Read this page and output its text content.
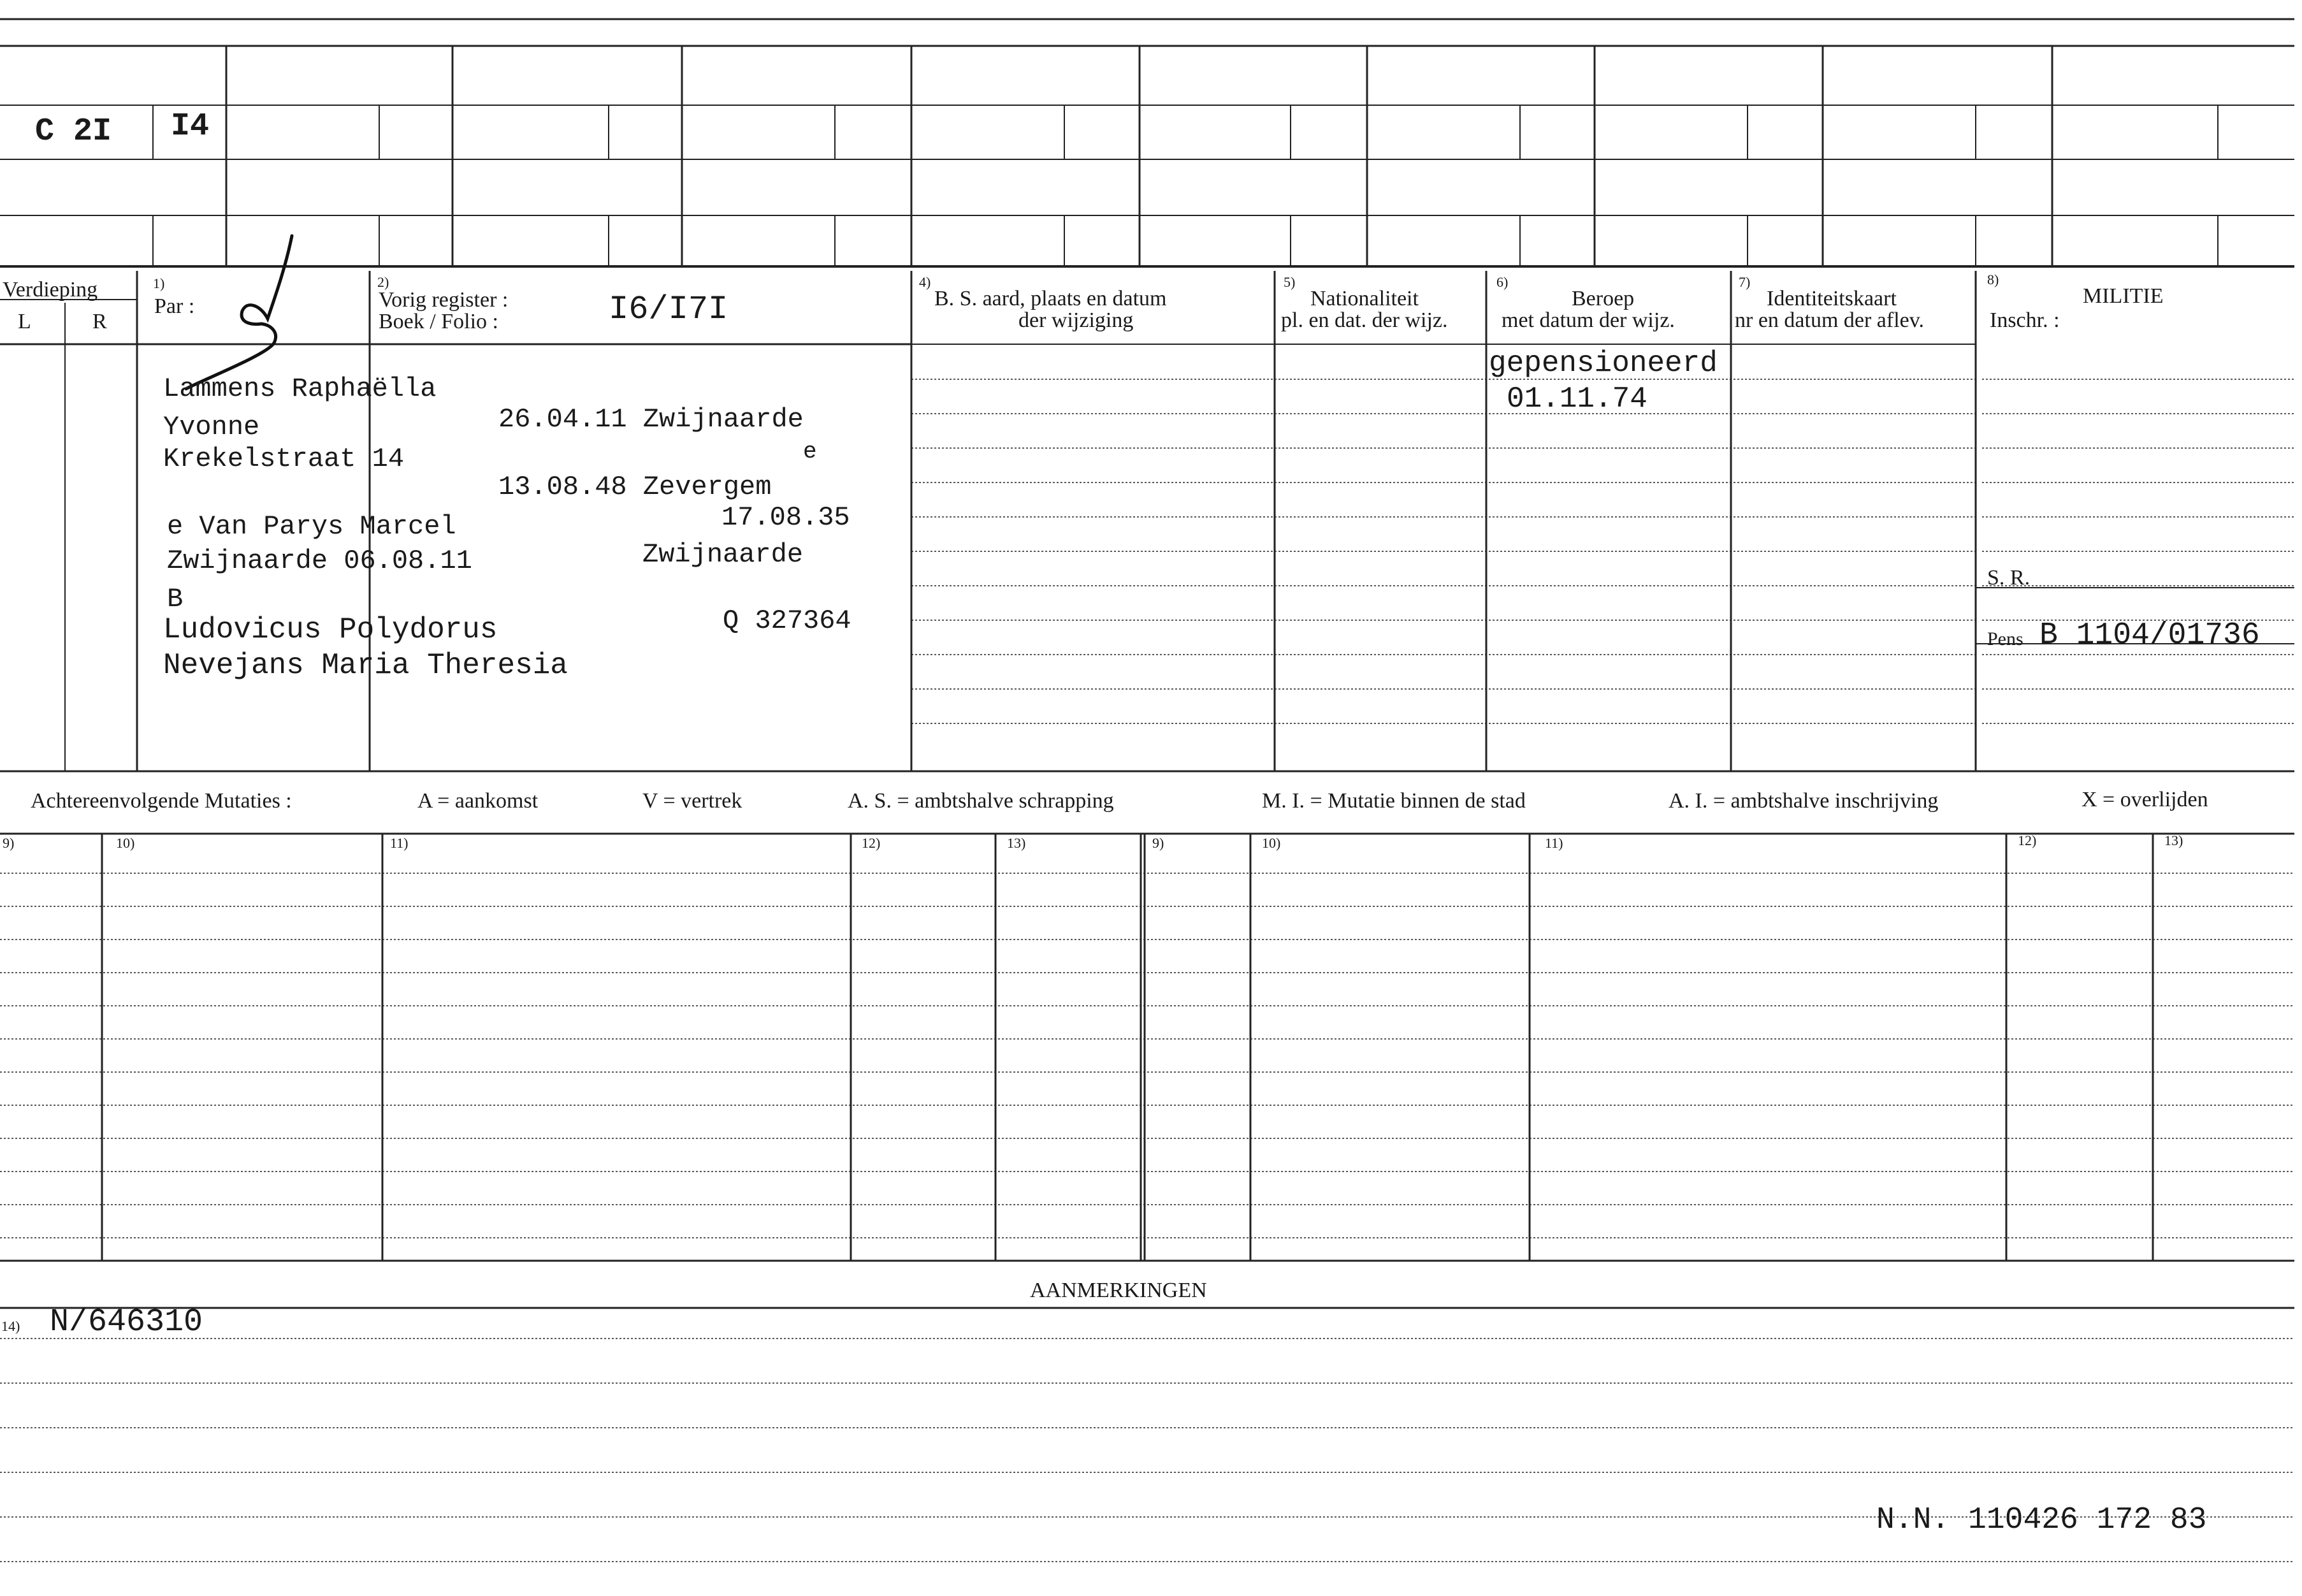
C 2I I4
Verdieping
L	R
1)
Par :
2)
Vorig register :
Boek / Folio :	I6/I7I
4)
B. S. aard, plaats en datum
der wijziging
5)
Nationaliteit
pl. en dat. der wijz.
6)
Beroep
met datum der wijz.
7)
Identiteitskaart
nr en datum der aflev.
8)
MILITIE
Inschr. :
Lammens Raphaëlla
Yvonne
Krekelstraat 14
26.04.11 Zwijnaarde
e
13.08.48 Zevergem
e Van Parys Marcel	17.08.35
Zwijnaarde 06.08.11	Zwijnaarde
B
Ludovicus Polydorus	Q 327364
Nevejans Maria Theresia
gepensioneerd
01.11.74
S. R.
Pens B 1104/01736
Achtereenvolgende Mutaties :	A = aankomst	V = vertrek	A. S. = ambtshalve schrapping	M. I. = Mutatie binnen de stad	A. I. = ambtshalve inschrijving	X = overlijden
9)	10)	11)	12)	13)	9)	10)	11)	12)	13)
AANMERKINGEN
14) N/646310
N.N. 110426 172 83
